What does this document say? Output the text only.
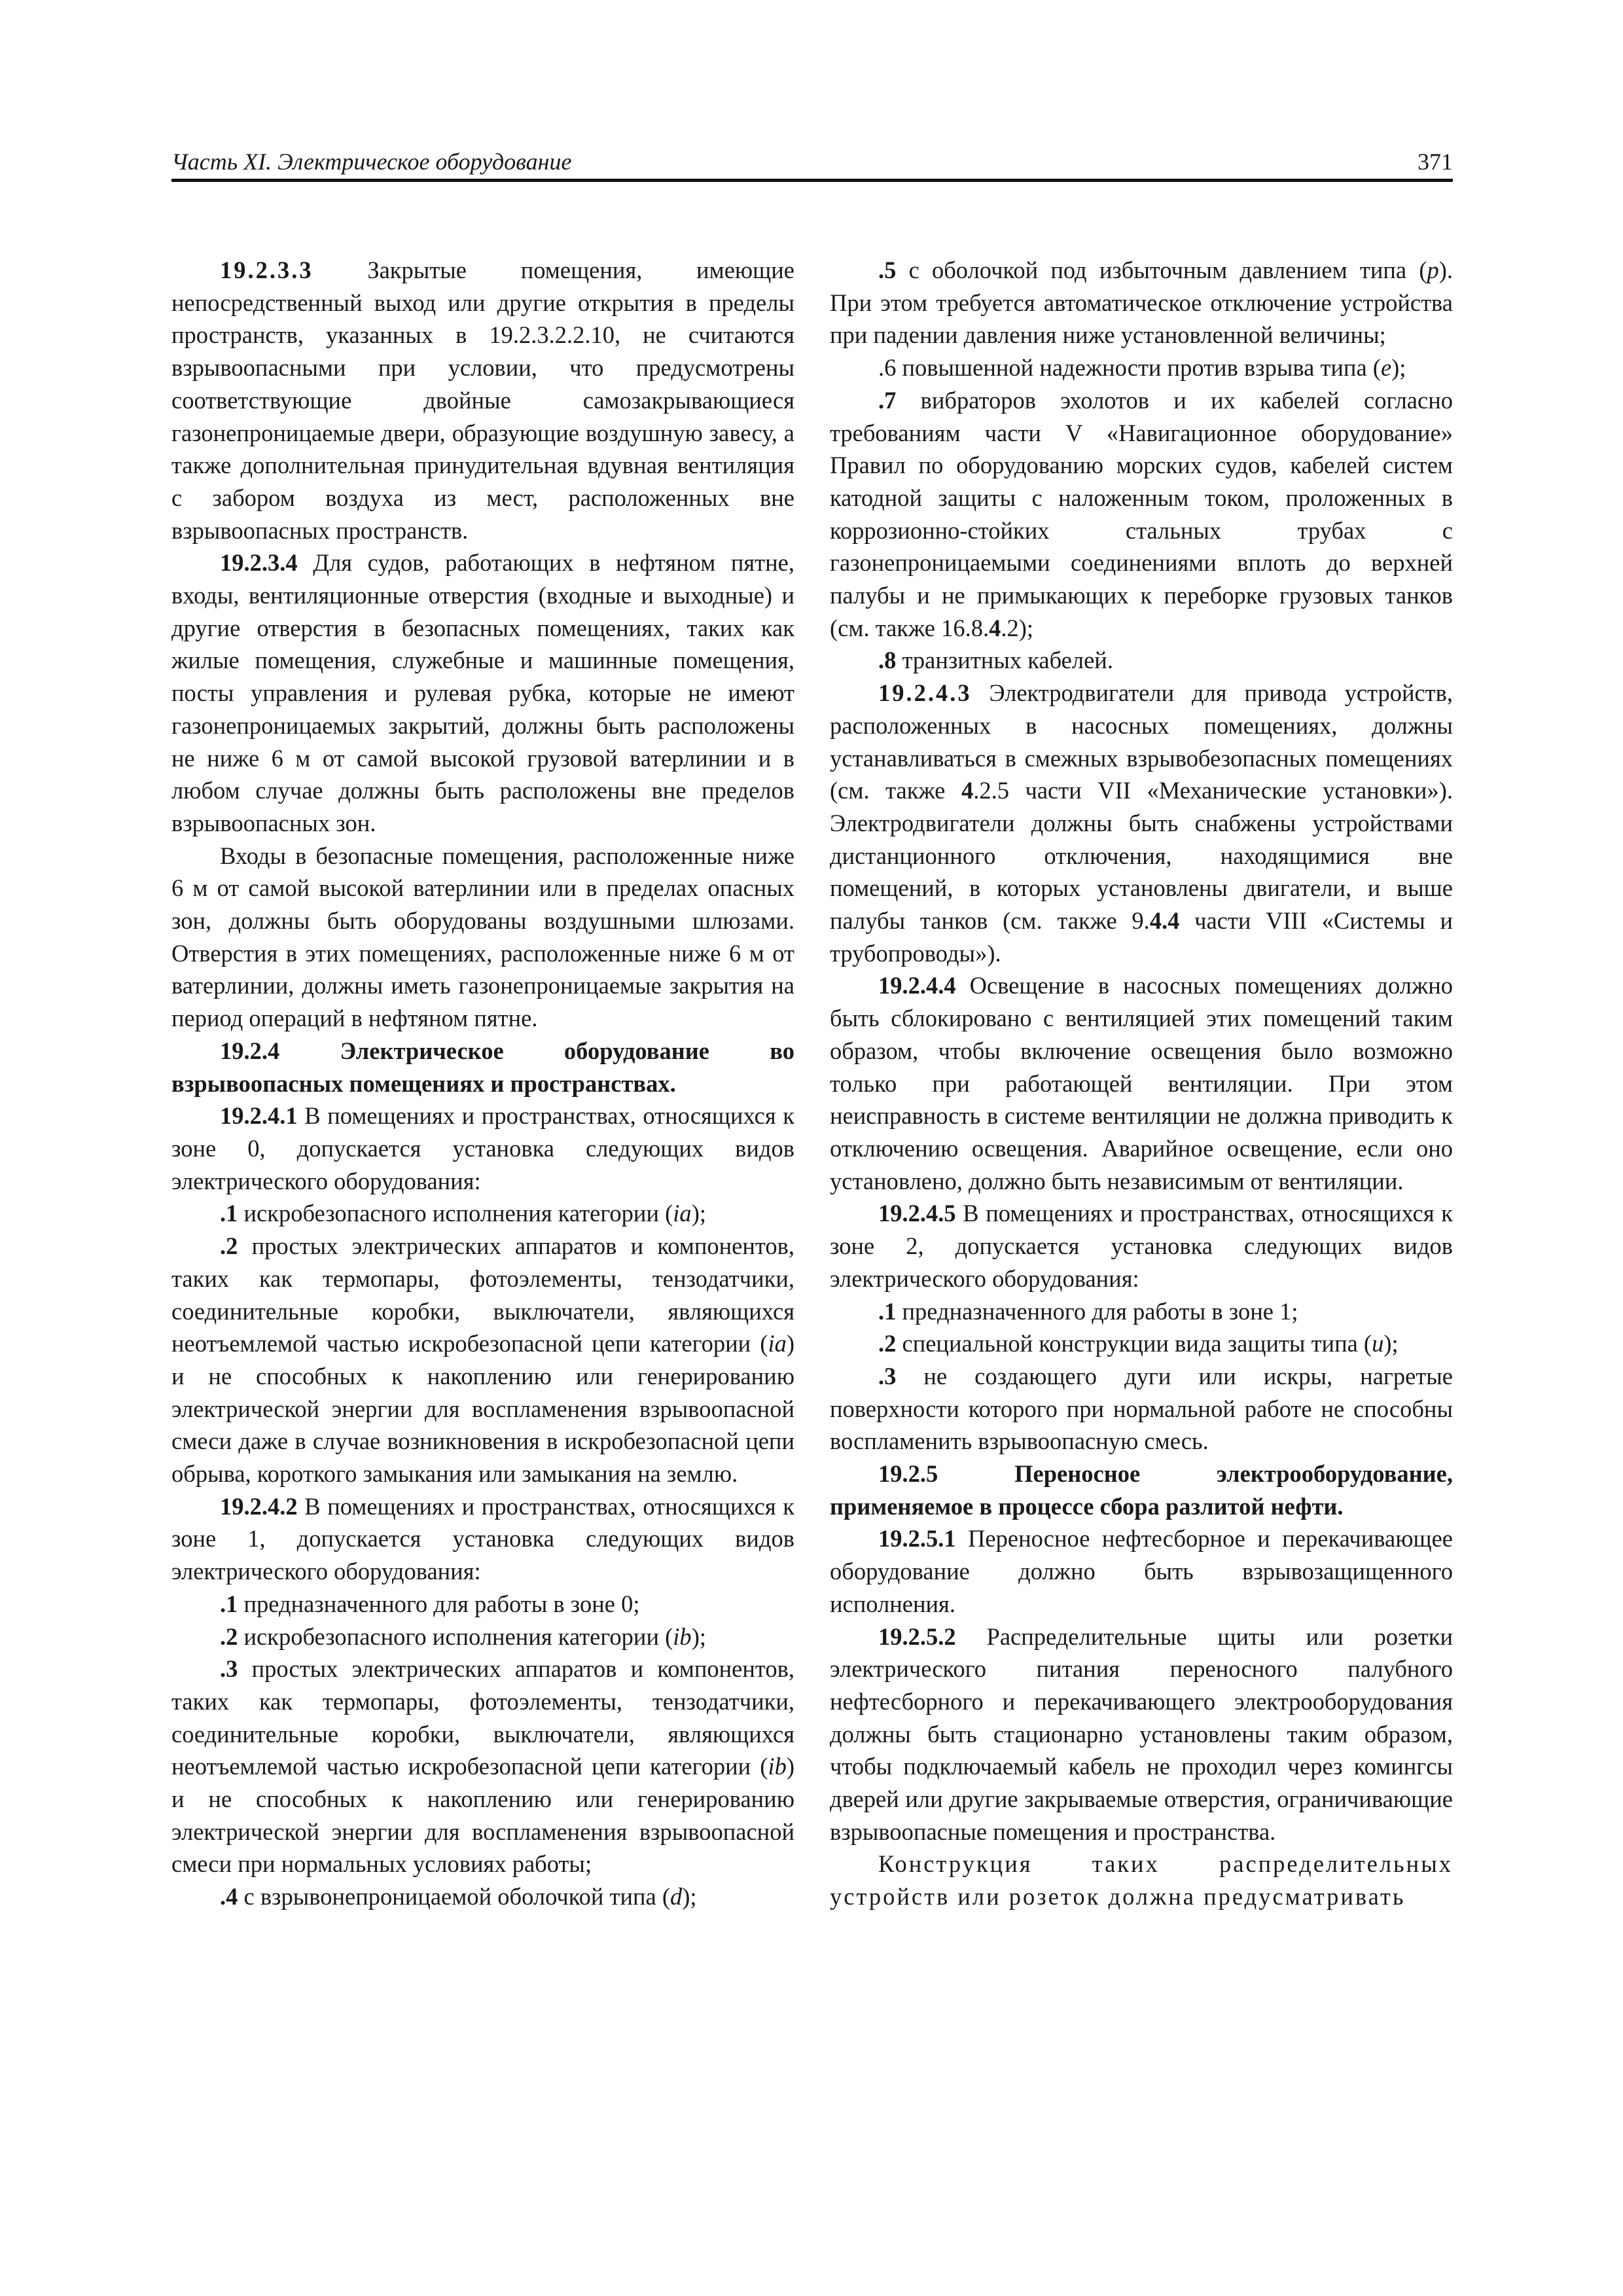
Часть XI. Электрическое оборудование	371

19.2.3.3 Закрытые помещения, имеющие непосредственный выход или другие открытия в пределы пространств, указанных в 19.2.3.2.2.10, не считаются взрывоопасными при условии, что предусмотрены соответствующие двойные самозакрывающиеся газонепроницаемые двери, образующие воздушную завесу, а также дополнительная принудительная вдувная вентиляция с забором воздуха из мест, расположенных вне взрывоопасных пространств.

19.2.3.4 Для судов, работающих в нефтяном пятне, входы, вентиляционные отверстия (входные и выходные) и другие отверстия в безопасных помещениях, таких как жилые помещения, служебные и машинные помещения, посты управления и рулевая рубка, которые не имеют газонепроницаемых закрытий, должны быть расположены не ниже 6 м от самой высокой грузовой ватерлинии и в любом случае должны быть расположены вне пределов взрывоопасных зон.

Входы в безопасные помещения, расположенные ниже 6 м от самой высокой ватерлинии или в пределах опасных зон, должны быть оборудованы воздушными шлюзами. Отверстия в этих помещениях, расположенные ниже 6 м от ватерлинии, должны иметь газонепроницаемые закрытия на период операций в нефтяном пятне.

19.2.4 Электрическое оборудование во взрывоопасных помещениях и пространствах.

19.2.4.1 В помещениях и пространствах, относящихся к зоне 0, допускается установка следующих видов электрического оборудования:

.1 искробезопасного исполнения категории (ia);

.2 простых электрических аппаратов и компонентов, таких как термопары, фотоэлементы, тензодатчики, соединительные коробки, выключатели, являющихся неотъемлемой частью искробезопасной цепи категории (ia) и не способных к накоплению или генерированию электрической энергии для воспламенения взрывоопасной смеси даже в случае возникновения в искробезопасной цепи обрыва, короткого замыкания или замыкания на землю.

19.2.4.2 В помещениях и пространствах, относящихся к зоне 1, допускается установка следующих видов электрического оборудования:

.1 предназначенного для работы в зоне 0;

.2 искробезопасного исполнения категории (ib);

.3 простых электрических аппаратов и компонентов, таких как термопары, фотоэлементы, тензодатчики, соединительные коробки, выключатели, являющихся неотъемлемой частью искробезопасной цепи категории (ib) и не способных к накоплению или генерированию электрической энергии для воспламенения взрывоопасной смеси при нормальных условиях работы;

.4 с взрывонепроницаемой оболочкой типа (d);

.5 с оболочкой под избыточным давлением типа (p). При этом требуется автоматическое отключение устройства при падении давления ниже установленной величины;

.6 повышенной надежности против взрыва типа (e);

.7 вибраторов эхолотов и их кабелей согласно требованиям части V «Навигационное оборудование» Правил по оборудованию морских судов, кабелей систем катодной защиты с наложенным током, проложенных в коррозионно-стойких стальных трубах с газонепроницаемыми соединениями вплоть до верхней палубы и не примыкающих к переборке грузовых танков (см. также 16.8.4.2);

.8 транзитных кабелей.

19.2.4.3 Электродвигатели для привода устройств, расположенных в насосных помещениях, должны устанавливаться в смежных взрывобезопасных помещениях (см. также 4.2.5 части VII «Механические установки»). Электродвигатели должны быть снабжены устройствами дистанционного отключения, находящимися вне помещений, в которых установлены двигатели, и выше палубы танков (см. также 9.4.4 части VIII «Системы и трубопроводы»).

19.2.4.4 Освещение в насосных помещениях должно быть сблокировано с вентиляцией этих помещений таким образом, чтобы включение освещения было возможно только при работающей вентиляции. При этом неисправность в системе вентиляции не должна приводить к отключению освещения. Аварийное освещение, если оно установлено, должно быть независимым от вентиляции.

19.2.4.5 В помещениях и пространствах, относящихся к зоне 2, допускается установка следующих видов электрического оборудования:

.1 предназначенного для работы в зоне 1;

.2 специальной конструкции вида защиты типа (u);

.3 не создающего дуги или искры, нагретые поверхности которого при нормальной работе не способны воспламенить взрывоопасную смесь.

19.2.5 Переносное электрооборудование, применяемое в процессе сбора разлитой нефти.

19.2.5.1 Переносное нефтесборное и перекачивающее оборудование должно быть взрывозащищенного исполнения.

19.2.5.2 Распределительные щиты или розетки электрического питания переносного палубного нефтесборного и перекачивающего электрооборудования должны быть стационарно установлены таким образом, чтобы подключаемый кабель не проходил через комингсы дверей или другие закрываемые отверстия, ограничивающие взрывоопасные помещения и пространства.

Конструкция таких распределительных устройств или розеток должна предусматривать
